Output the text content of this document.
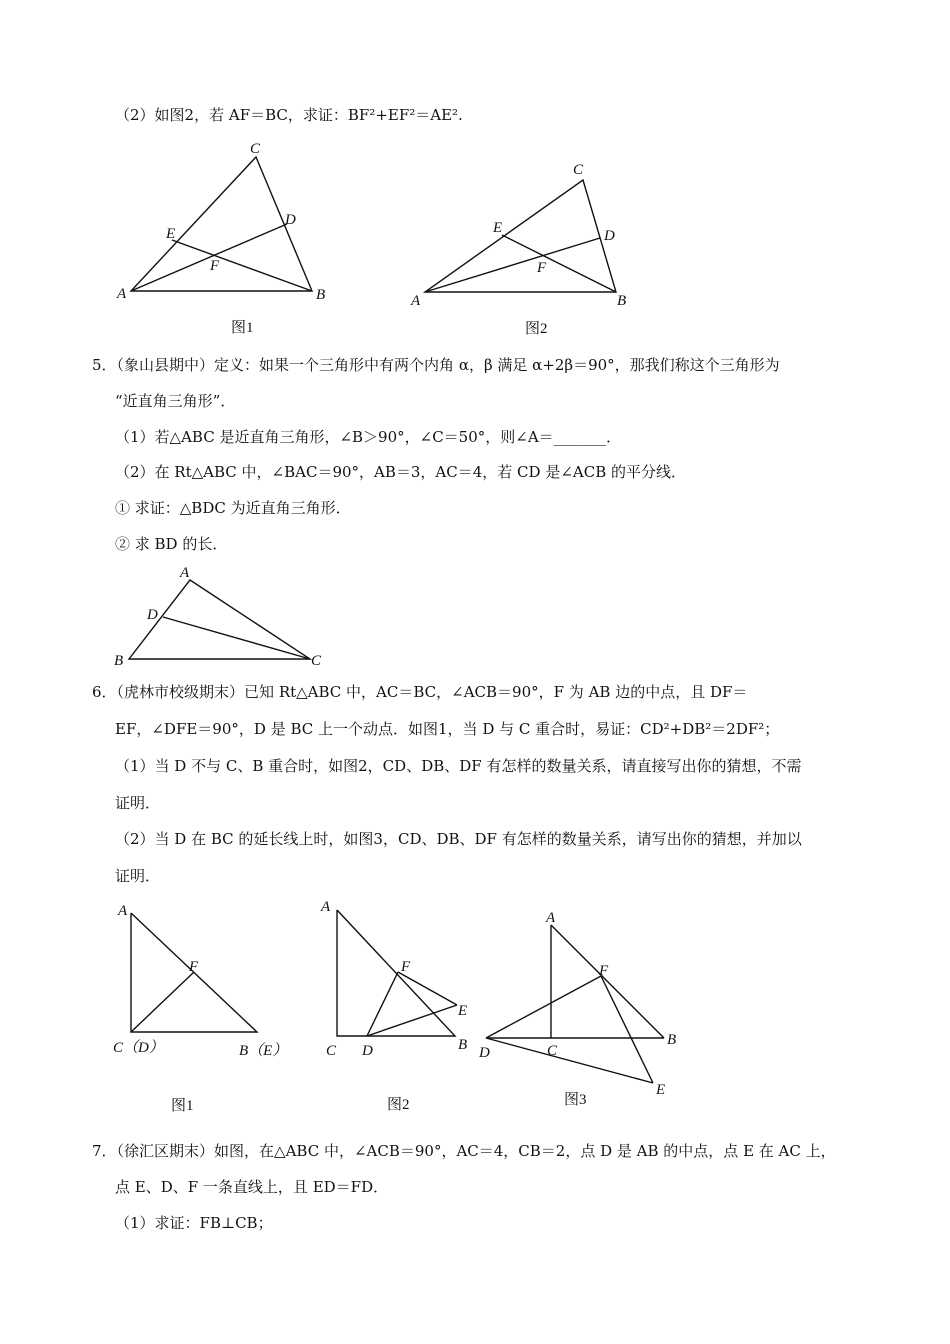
（2）如图2，若 AF＝BC，求证：BF²+EF²＝AE².
C
E
D
F
A	B
图1
C
E	D
F
A	B
图2
A
D
B	C
A
F
C（D）	B（E）
图1
A
F
E
C D	B
图2
A
F
B
D	C
E
图3
5．（象山县期中）定义：如果一个三角形中有两个内角 α，β 满足 α+2β＝90°，那我们称这个三角形为
“近直角三角形”．
（1）若△ABC 是近直角三角形，∠B＞90°，∠C＝50°，则∠A＝_______．
（2）在 Rt△ABC 中，∠BAC＝90°，AB＝3，AC＝4，若 CD 是∠ACB 的平分线．
① 求证：△BDC 为近直角三角形．
② 求 BD 的长．
6．（虎林市校级期末）已知 Rt△ABC 中，AC＝BC，∠ACB＝90°，F 为 AB 边的中点，且 DF＝
EF，∠DFE＝90°，D 是 BC 上一个动点．如图1，当 D 与 C 重合时，易证：CD²+DB²＝2DF²；
（1）当 D 不与 C、B 重合时，如图2，CD、DB、DF 有怎样的数量关系，请直接写出你的猜想，不需
证明．
（2）当 D 在 BC 的延长线上时，如图3，CD、DB、DF 有怎样的数量关系，请写出你的猜想，并加以
证明．
7．（徐汇区期末）如图，在△ABC 中，∠ACB＝90°，AC＝4，CB＝2，点 D 是 AB 的中点，点 E 在 AC 上，
点 E、D、F 一条直线上，且 ED＝FD．
（1）求证：FB⊥CB；
